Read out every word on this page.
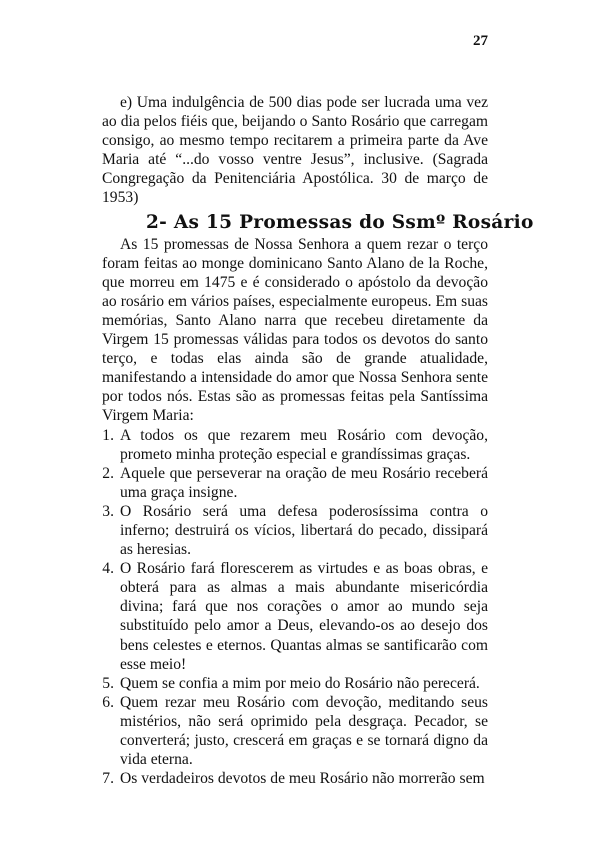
27

e) Uma indulgência de 500 dias pode ser lucrada uma vez ao dia pelos fiéis que, beijando o Santo Rosário que carregam consigo, ao mesmo tempo recitarem a primeira parte da Ave Maria até “...do vosso ventre Jesus”, inclusive. (Sagrada Congregação da Penitenciária Apostólica. 30 de março de 1953)

2- As 15 Promessas do Ssmº Rosário

As 15 promessas de Nossa Senhora a quem rezar o terço foram feitas ao monge dominicano Santo Alano de la Roche, que morreu em 1475 e é considerado o apóstolo da devoção ao rosário em vários países, especialmente europeus. Em suas memórias, Santo Alano narra que recebeu diretamente da Virgem 15 promessas válidas para todos os devotos do santo terço, e todas elas ainda são de grande atualidade, manifestando a intensidade do amor que Nossa Senhora sente por todos nós. Estas são as promessas feitas pela Santíssima Virgem Maria:

1. A todos os que rezarem meu Rosário com devoção, prometo minha proteção especial e grandíssimas graças.
2. Aquele que perseverar na oração de meu Rosário receberá uma graça insigne.
3. O Rosário será uma defesa poderosíssima contra o inferno; destruirá os vícios, libertará do pecado, dissipará as heresias.
4. O Rosário fará florescerem as virtudes e as boas obras, e obterá para as almas a mais abundante misericórdia divina; fará que nos corações o amor ao mundo seja substituído pelo amor a Deus, elevando-os ao desejo dos bens celestes e eternos. Quantas almas se santificarão com esse meio!
5. Quem se confia a mim por meio do Rosário não perecerá.
6. Quem rezar meu Rosário com devoção, meditando seus mistérios, não será oprimido pela desgraça. Pecador, se converterá; justo, crescerá em graças e se tornará digno da vida eterna.
7. Os verdadeiros devotos de meu Rosário não morrerão sem
